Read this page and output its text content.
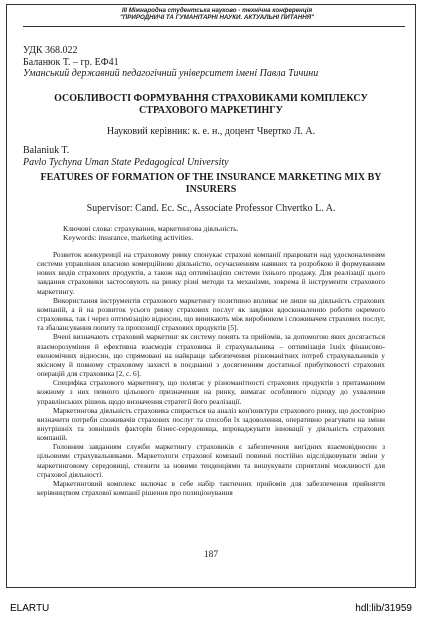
III Міжнародна студентська науково - технічна конференція
"ПРИРОДНИЧІ ТА ГУМАНІТАРНІ НАУКИ. АКТУАЛЬНІ ПИТАННЯ"
УДК 368.022
Баланюк Т. – гр. ЕФ41
Уманський державний педагогічний університет імені Павла Тичини
ОСОБЛИВОСТІ ФОРМУВАННЯ СТРАХОВИКАМИ КОМПЛЕКСУ СТРАХОВОГО МАРКЕТИНГУ
Науковий керівник: к. е. н., доцент Чвертко Л. А.
Balaniuk T.
Pavlo Tychyna Uman State Pedagogical University
FEATURES OF FORMATION OF THE INSURANCE MARKETING MIX BY INSURERS
Supervisor: Cand. Ec. Sc., Associate Professor Chvertko L. A.
Ключові слова: страхування, маркетингова діяльність.
Keywords: insurance, marketing activities.

Розвиток конкуренції на страховому ринку спонукає страхові компанії працювати над удосконаленням системи управління власною комерційною діяльністю, осучасненням наявних та розробкою й формуванням нових видів страхових продуктів, а також над оптимізацією системи їхнього продажу. Для реалізації цього завдання страховики застосовують на ринку різні методи та механізми, зокрема й інструменти страхового маркетингу.

Використання інструментів страхового маркетингу позитивно впливає не лише на діяльність страхових компаній, а й на розвиток усього ринку страхових послуг як завдяки вдосконаленню роботи окремого страховика, так і через оптимізацію відносин, що виникають між виробником і споживачем страхових послуг, та збалансування попиту та пропозиції страхових продуктів [5].

Вчені визначають страховий маркетинг як систему понять та прийомів, за допомогою яких досягається взаєморозуміння й ефективна взаємодія страховика й страхувальника – оптимізація їхніх фінансово-економічних відносин, що спрямовані на найкраще забезпечення різноманітних потреб страхувальників у якісному й повному страховому захисті в поєднанні з досягненням достатньої прибутковості страхових операцій для страховика [2, с. 6].

Специфіка страхового маркетингу, що полягає у різноманітності страхових продуктів з притаманним кожному з них певного цільового призначення на ринку, вимагає особливого підходу до ухвалення управлінських рішень щодо визначення стратегії його реалізації.

Маркетингова діяльність страховика спирається на аналіз кон'юнктури страхового ринку, що достовірно визначити потреби споживачів страхових послуг та способи їх задоволення, оперативно реагувати на зміни внутрішніх та зовнішніх факторів бізнес-середовища, впроваджувати інновації у діяльність страхових компаній.

Головним завданням служби маркетингу страховиків є забезпечення вигідних взаємовідносин з цільовими страхувальниками. Маркетологи страхової компанії повинні постійно відслідковувати зміни у маркетинговому середовищі, стежити за новими тенденціями та вишукувати сприятливі можливості для страхової діяльності.

Маркетинговий комплекс включає в себе набір тактичних прийомів для забезпечення прийняття керівництвом страхової компанії рішення про позиціонування

187
ELARTU	hdl:lib/31959
